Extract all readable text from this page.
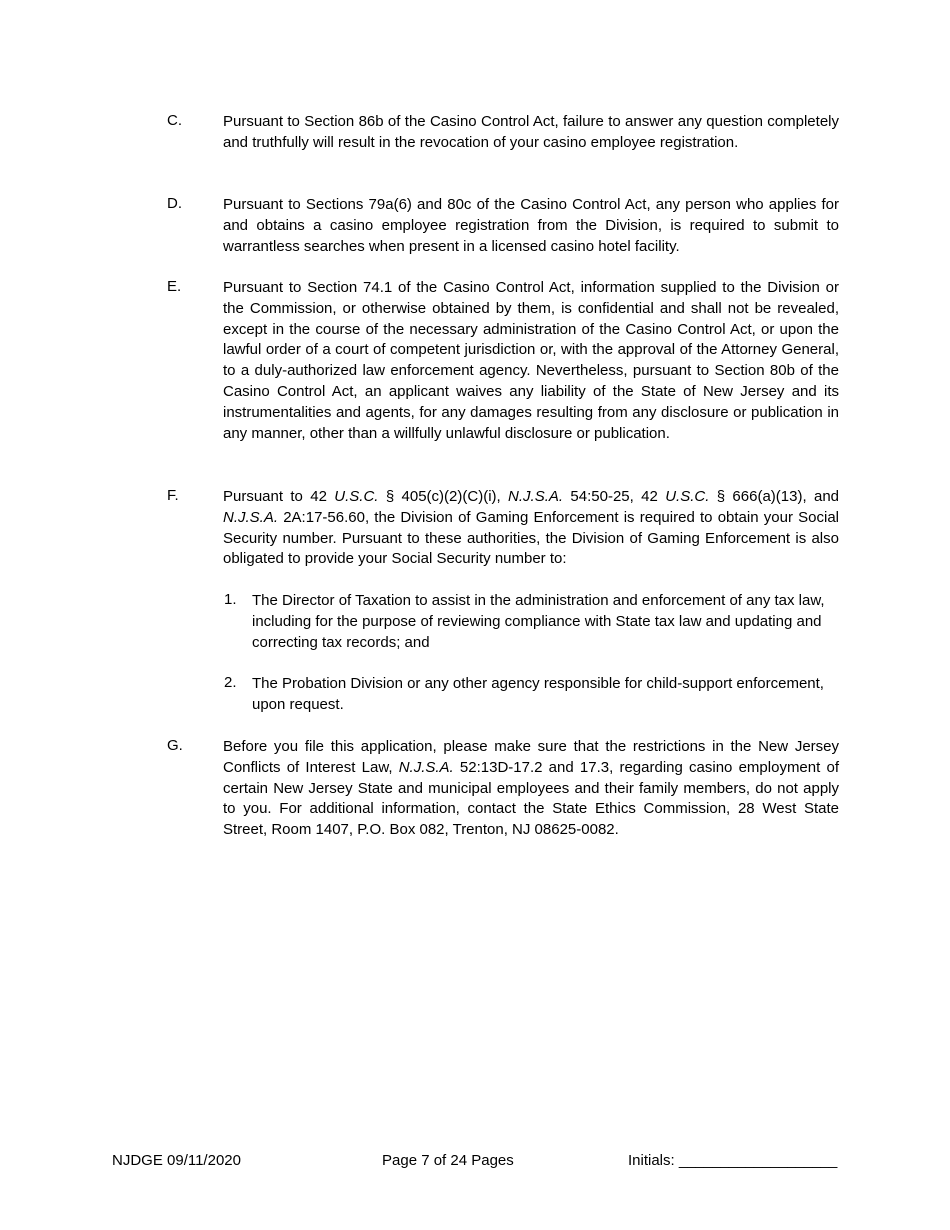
C.	Pursuant to Section 86b of the Casino Control Act, failure to answer any question completely and truthfully will result in the revocation of your casino employee registration.
D.	Pursuant to Sections 79a(6) and 80c of the Casino Control Act, any person who applies for and obtains a casino employee registration from the Division, is required to submit to warrantless searches when present in a licensed casino hotel facility.
E.	Pursuant to Section 74.1 of the Casino Control Act, information supplied to the Division or the Commission, or otherwise obtained by them, is confidential and shall not be revealed, except in the course of the necessary administration of the Casino Control Act, or upon the lawful order of a court of competent jurisdiction or, with the approval of the Attorney General, to a duly-authorized law enforcement agency. Nevertheless, pursuant to Section 80b of the Casino Control Act, an applicant waives any liability of the State of New Jersey and its instrumentalities and agents, for any damages resulting from any disclosure or publication in any manner, other than a willfully unlawful disclosure or publication.
F.	Pursuant to 42 U.S.C. § 405(c)(2)(C)(i), N.J.S.A. 54:50-25, 42 U.S.C. § 666(a)(13), and N.J.S.A. 2A:17-56.60, the Division of Gaming Enforcement is required to obtain your Social Security number. Pursuant to these authorities, the Division of Gaming Enforcement is also obligated to provide your Social Security number to:
1. The Director of Taxation to assist in the administration and enforcement of any tax law, including for the purpose of reviewing compliance with State tax law and updating and correcting tax records; and
2. The Probation Division or any other agency responsible for child-support enforcement, upon request.
G.	Before you file this application, please make sure that the restrictions in the New Jersey Conflicts of Interest Law, N.J.S.A. 52:13D-17.2 and 17.3, regarding casino employment of certain New Jersey State and municipal employees and their family members, do not apply to you. For additional information, contact the State Ethics Commission, 28 West State Street, Room 1407, P.O. Box 082, Trenton, NJ 08625-0082.
NJDGE 09/11/2020	Page 7 of 24 Pages	Initials: ___________________
